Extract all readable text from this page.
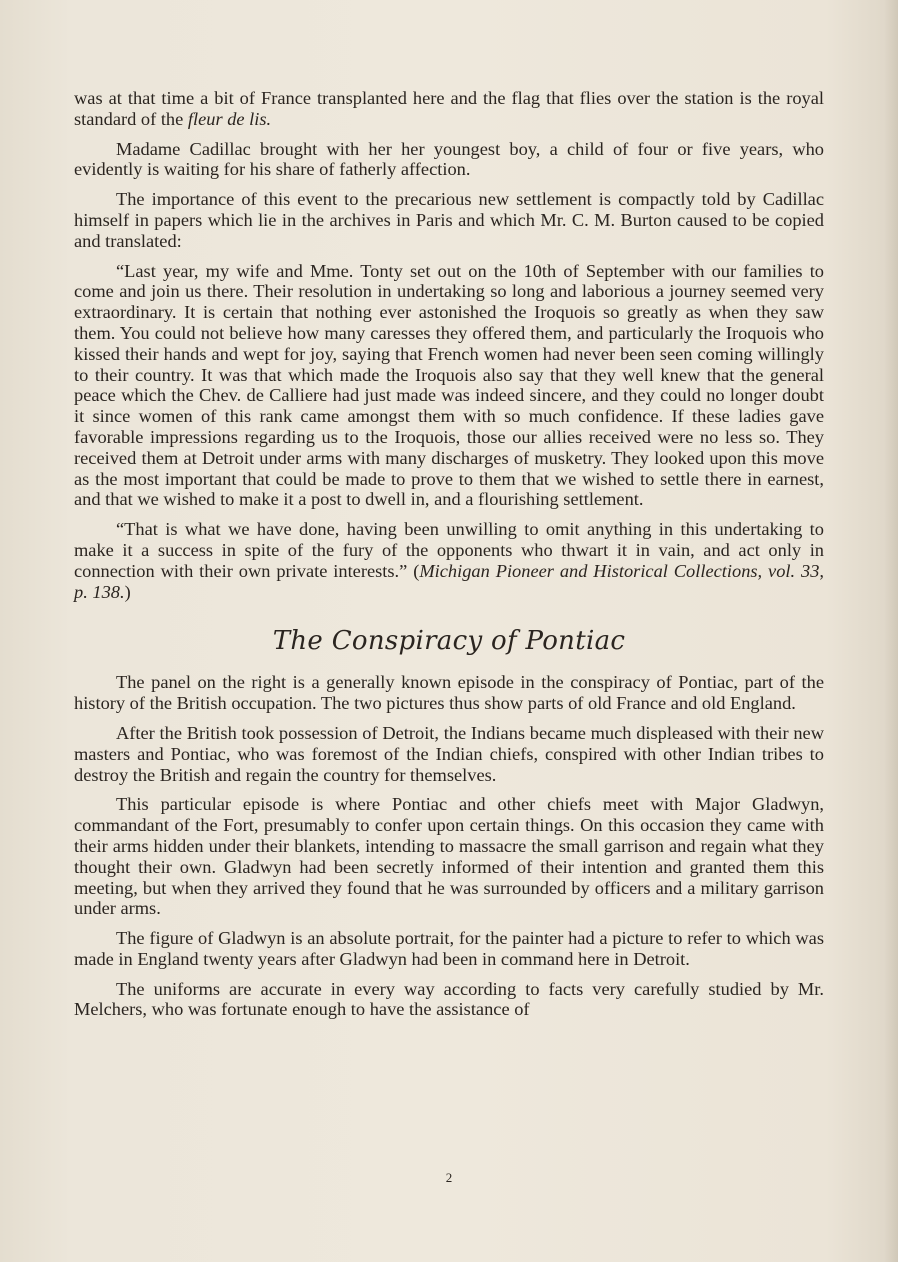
was at that time a bit of France transplanted here and the flag that flies over the station is the royal standard of the fleur de lis.

Madame Cadillac brought with her her youngest boy, a child of four or five years, who evidently is waiting for his share of fatherly affection.

The importance of this event to the precarious new settlement is compactly told by Cadillac himself in papers which lie in the archives in Paris and which Mr. C. M. Burton caused to be copied and translated:

“Last year, my wife and Mme. Tonty set out on the 10th of September with our families to come and join us there. Their resolution in undertaking so long and laborious a journey seemed very extraordinary. It is certain that nothing ever astonished the Iroquois so greatly as when they saw them. You could not believe how many caresses they offered them, and particularly the Iroquois who kissed their hands and wept for joy, saying that French women had never been seen coming willingly to their country. It was that which made the Iroquois also say that they well knew that the general peace which the Chev. de Calliere had just made was indeed sincere, and they could no longer doubt it since women of this rank came amongst them with so much confidence. If these ladies gave favorable impressions regarding us to the Iroquois, those our allies received were no less so. They received them at Detroit under arms with many discharges of musketry. They looked upon this move as the most important that could be made to prove to them that we wished to settle there in earnest, and that we wished to make it a post to dwell in, and a flourishing settlement.

“That is what we have done, having been unwilling to omit anything in this undertaking to make it a success in spite of the fury of the opponents who thwart it in vain, and act only in connection with their own private interests.” (Michigan Pioneer and Historical Collections, vol. 33, p. 138.)

The Conspiracy of Pontiac

The panel on the right is a generally known episode in the conspiracy of Pontiac, part of the history of the British occupation. The two pictures thus show parts of old France and old England.

After the British took possession of Detroit, the Indians became much displeased with their new masters and Pontiac, who was foremost of the Indian chiefs, conspired with other Indian tribes to destroy the British and regain the country for themselves.

This particular episode is where Pontiac and other chiefs meet with Major Gladwyn, commandant of the Fort, presumably to confer upon certain things. On this occasion they came with their arms hidden under their blankets, intending to massacre the small garrison and regain what they thought their own. Gladwyn had been secretly informed of their intention and granted them this meeting, but when they arrived they found that he was surrounded by officers and a military garrison under arms.

The figure of Gladwyn is an absolute portrait, for the painter had a picture to refer to which was made in England twenty years after Gladwyn had been in command here in Detroit.

The uniforms are accurate in every way according to facts very carefully studied by Mr. Melchers, who was fortunate enough to have the assistance of

2
